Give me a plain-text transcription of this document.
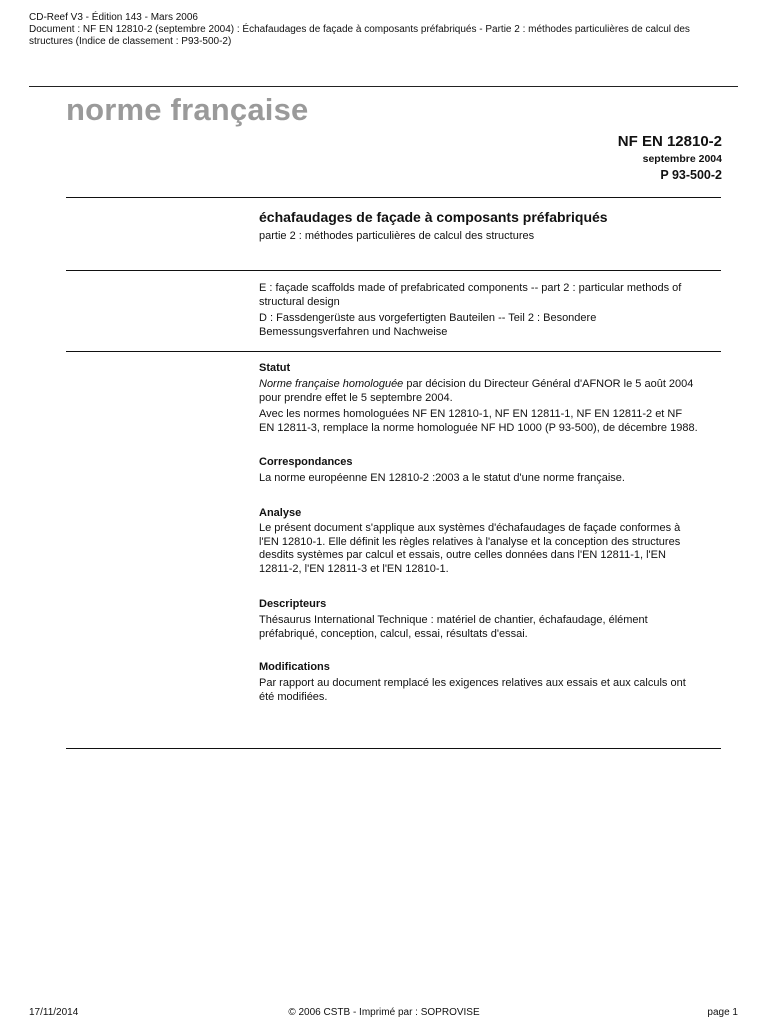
CD-Reef V3 - Édition 143 - Mars 2006
Document : NF EN 12810-2 (septembre 2004) : Échafaudages de façade à composants préfabriqués - Partie 2 : méthodes particulières de calcul des
structures (Indice de classement : P93-500-2)
norme française
NF EN 12810-2
septembre 2004
P 93-500-2
échafaudages de façade à composants préfabriqués
partie 2 : méthodes particulières de calcul des structures
E : façade scaffolds made of prefabricated components -- part 2 : particular methods of
structural design
D : Fassdengerüste aus vorgefertigten Bauteilen -- Teil 2 : Besondere
Bemessungsverfahren und Nachweise
Statut
Norme française homologuée par décision du Directeur Général d'AFNOR le 5 août 2004
pour prendre effet le 5 septembre 2004.
Avec les normes homologuées NF EN 12810-1, NF EN 12811-1, NF EN 12811-2 et NF
EN 12811-3, remplace la norme homologuée NF HD 1000 (P 93-500), de décembre 1988.
Correspondances
La norme européenne EN 12810-2 :2003 a le statut d'une norme française.
Analyse
Le présent document s'applique aux systèmes d'échafaudages de façade conformes à
l'EN 12810-1. Elle définit les règles relatives à l'analyse et la conception des structures
desdits systèmes par calcul et essais, outre celles données dans l'EN 12811-1, l'EN
12811-2, l'EN 12811-3 et l'EN 12810-1.
Descripteurs
Thésaurus International Technique : matériel de chantier, échafaudage, élément
préfabriqué, conception, calcul, essai, résultats d'essai.
Modifications
Par rapport au document remplacé les exigences relatives aux essais et aux calculs ont
été modifiées.
17/11/2014	© 2006 CSTB - Imprimé par : SOPROVISE	page 1
